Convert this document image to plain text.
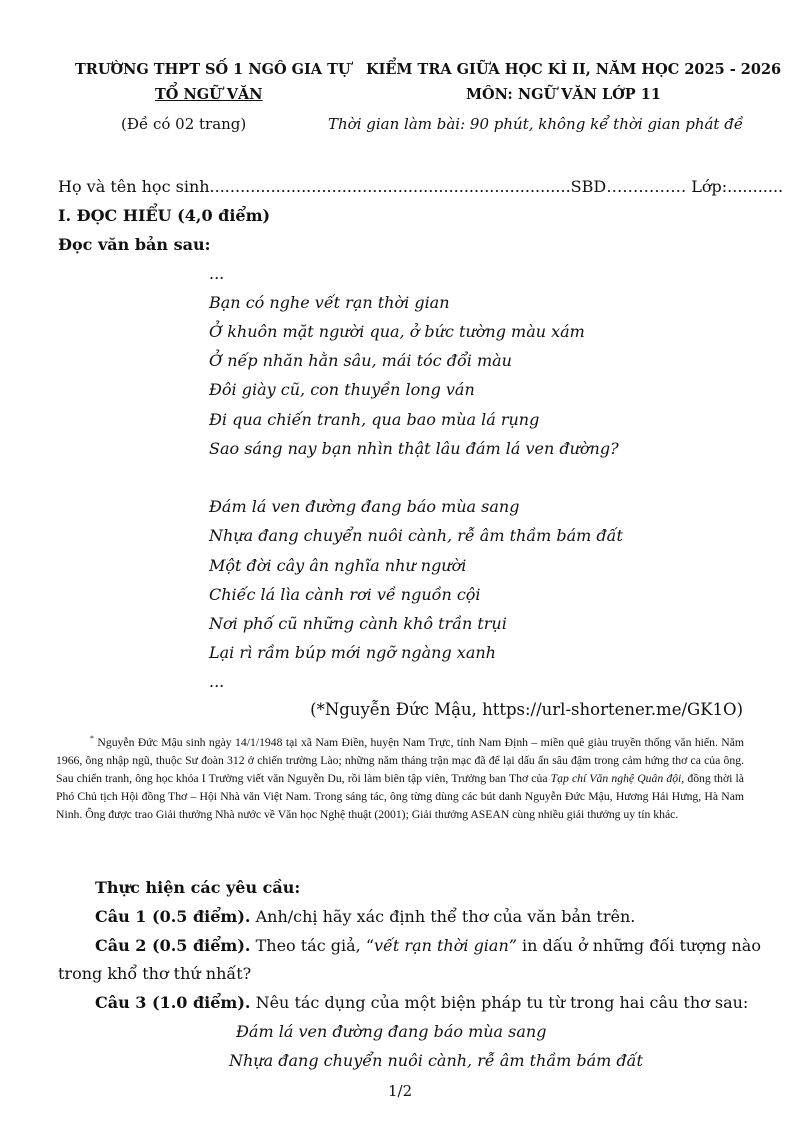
TRƯỜNG THPT SỐ 1 NGÔ GIA TỰ
TỔ NGỮ VĂN
(Đề có 02 trang)
KIỂM TRA GIỮA HỌC KÌ II, NĂM HỌC 2025 - 2026
MÔN: NGỮ VĂN LỚP 11
Thời gian làm bài: 90 phút, không kể thời gian phát đề
Họ và tên học sinh.......................................................................SBD…………… Lớp:...........
I. ĐỌC HIỂU (4,0 điểm)
Đọc văn bản sau:
...
Bạn có nghe vết rạn thời gian
Ở khuôn mặt người qua, ở bức tường màu xám
Ở nếp nhăn hằn sâu, mái tóc đổi màu
Đôi giày cũ, con thuyền long ván
Đi qua chiến tranh, qua bao mùa lá rụng
Sao sáng nay bạn nhìn thật lâu đám lá ven đường?
Đám lá ven đường đang báo mùa sang
Nhựa đang chuyển nuôi cành, rễ âm thầm bám đất
Một đời cây ân nghĩa như người
Chiếc lá lìa cành rơi về nguồn cội
Nơi phố cũ những cành khô trần trụi
Lại rì rầm búp mới ngỡ ngàng xanh
...
(*Nguyễn Đức Mậu, https://url-shortener.me/GK1O)
* Nguyễn Đức Mậu sinh ngày 14/1/1948 tại xã Nam Điền, huyện Nam Trực, tỉnh Nam Định – miền quê giàu truyền thống văn hiến. Năm 1966, ông nhập ngũ, thuộc Sư đoàn 312 ở chiến trường Lào; những năm tháng trận mạc đã để lại dấu ấn sâu đậm trong cảm hứng thơ ca của ông. Sau chiến tranh, ông học khóa I Trường viết văn Nguyễn Du, rồi làm biên tập viên, Trưởng ban Thơ của Tạp chí Văn nghệ Quân đội, đồng thời là Phó Chủ tịch Hội đồng Thơ – Hội Nhà văn Việt Nam. Trong sáng tác, ông từng dùng các bút danh Nguyễn Đức Mậu, Hương Hải Hưng, Hà Nam Ninh. Ông được trao Giải thưởng Nhà nước về Văn học Nghệ thuật (2001); Giải thưởng ASEAN cùng nhiều giải thưởng uy tín khác.
Thực hiện các yêu cầu:
Câu 1 (0.5 điểm). Anh/chị hãy xác định thể thơ của văn bản trên.
Câu 2 (0.5 điểm). Theo tác giả, “vết rạn thời gian” in dấu ở những đối tượng nào
trong khổ thơ thứ nhất?
Câu 3 (1.0 điểm). Nêu tác dụng của một biện pháp tu từ trong hai câu thơ sau:
Đám lá ven đường đang báo mùa sang
Nhựa đang chuyển nuôi cành, rễ âm thầm bám đất
1/2
